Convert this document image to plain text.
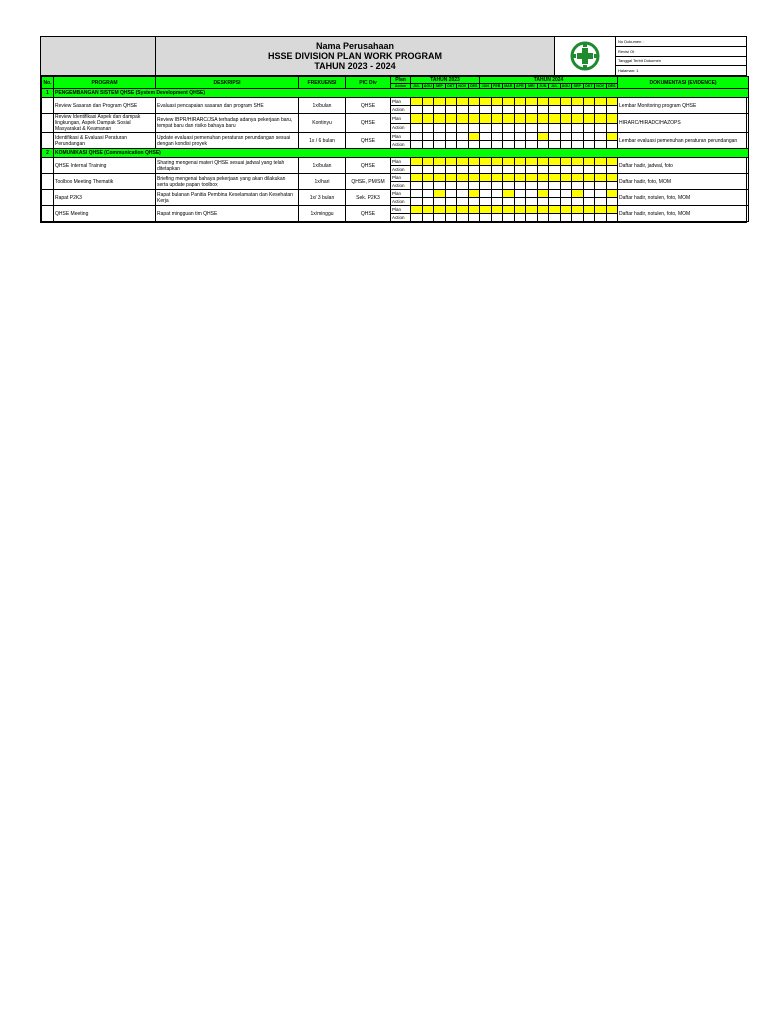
Nama Perusahaan
HSSE DIVISION PLAN WORK PROGRAM
TAHUN 2023 - 2024
No Dokumen :
Revisi Ot
Tanggal Terbit Dokumen
Halaman: 1
No.	PROGRAM	DESKRIPSI	FREKUENSI	PIC Div	Plan	TAHUN 2023						TAHUN 2024												DOKUMENTASI (EVIDENCE)
					Action	JUL	AGU	SEP	OKT	NOV	DES	JAN	FEB	MAR	APR	MEI	JUN	JUL	AGU	SEP	OKT	NOV	DES	
1	PENGEMBANGAN SISTEM QHSE (System Development QHSE)																							
	Review Sasaran dan Program QHSE	Evaluasi pencapaian sasaran dan program SHE	1x/bulan	QHSE	Plan																			Lembar Monitoring program QHSE
					Action																			
	Review Identifikasi Aspek dan dampak lingkungan, Aspek Dampak Sosial Masyarakat & Keamanan	Review IBPR/HIRARC/JSA terhadap adanya pekerjaan baru, tempat baru dan risiko bahaya baru	Kontinyu	QHSE	Plan																			HIRARC/HIRADC/HAZOPS
					Action																			
	Identifikasi & Evaluasi Peraturan Perundangan	Update evaluasi pemenuhan peraturan perundangan sesuai dengan kondisi proyek	1x / 6 bulan	QHSE	Plan																			Lembar evaluasi pemenuhan peraturan perundangan
					Action																			
2	KOMUNIKASI QHSE (Communication QHSE)																							
	QHSE Internal Training	Sharing mengenai materi QHSE sesuai jadwal yang telah ditetapkan	1x/bulan	QHSE	Plan																			Daftar hadir, jadwal, foto
					Action																			
	Toolbox Meeting Thematik	Briefing mengenai bahaya pekerjaan yang akan dilakukan serta update papan toolbox	1x/hari	QHSE, PM/SM	Plan																			Daftar hadir, foto, MOM
					Action																			
	Rapat P2K3	Rapat bulanan Panitia Pembina Keselamatan dan Kesehatan Kerja	1x/ 3 bulan	Sek. P2K3	Plan																			Daftar hadir, notulen, foto, MOM
					Action																			
	QHSE Meeting	Rapat mingguan tim QHSE	1x/minggu	QHSE	Plan																			Daftar hadir, notulen, foto, MOM
					Action																			
